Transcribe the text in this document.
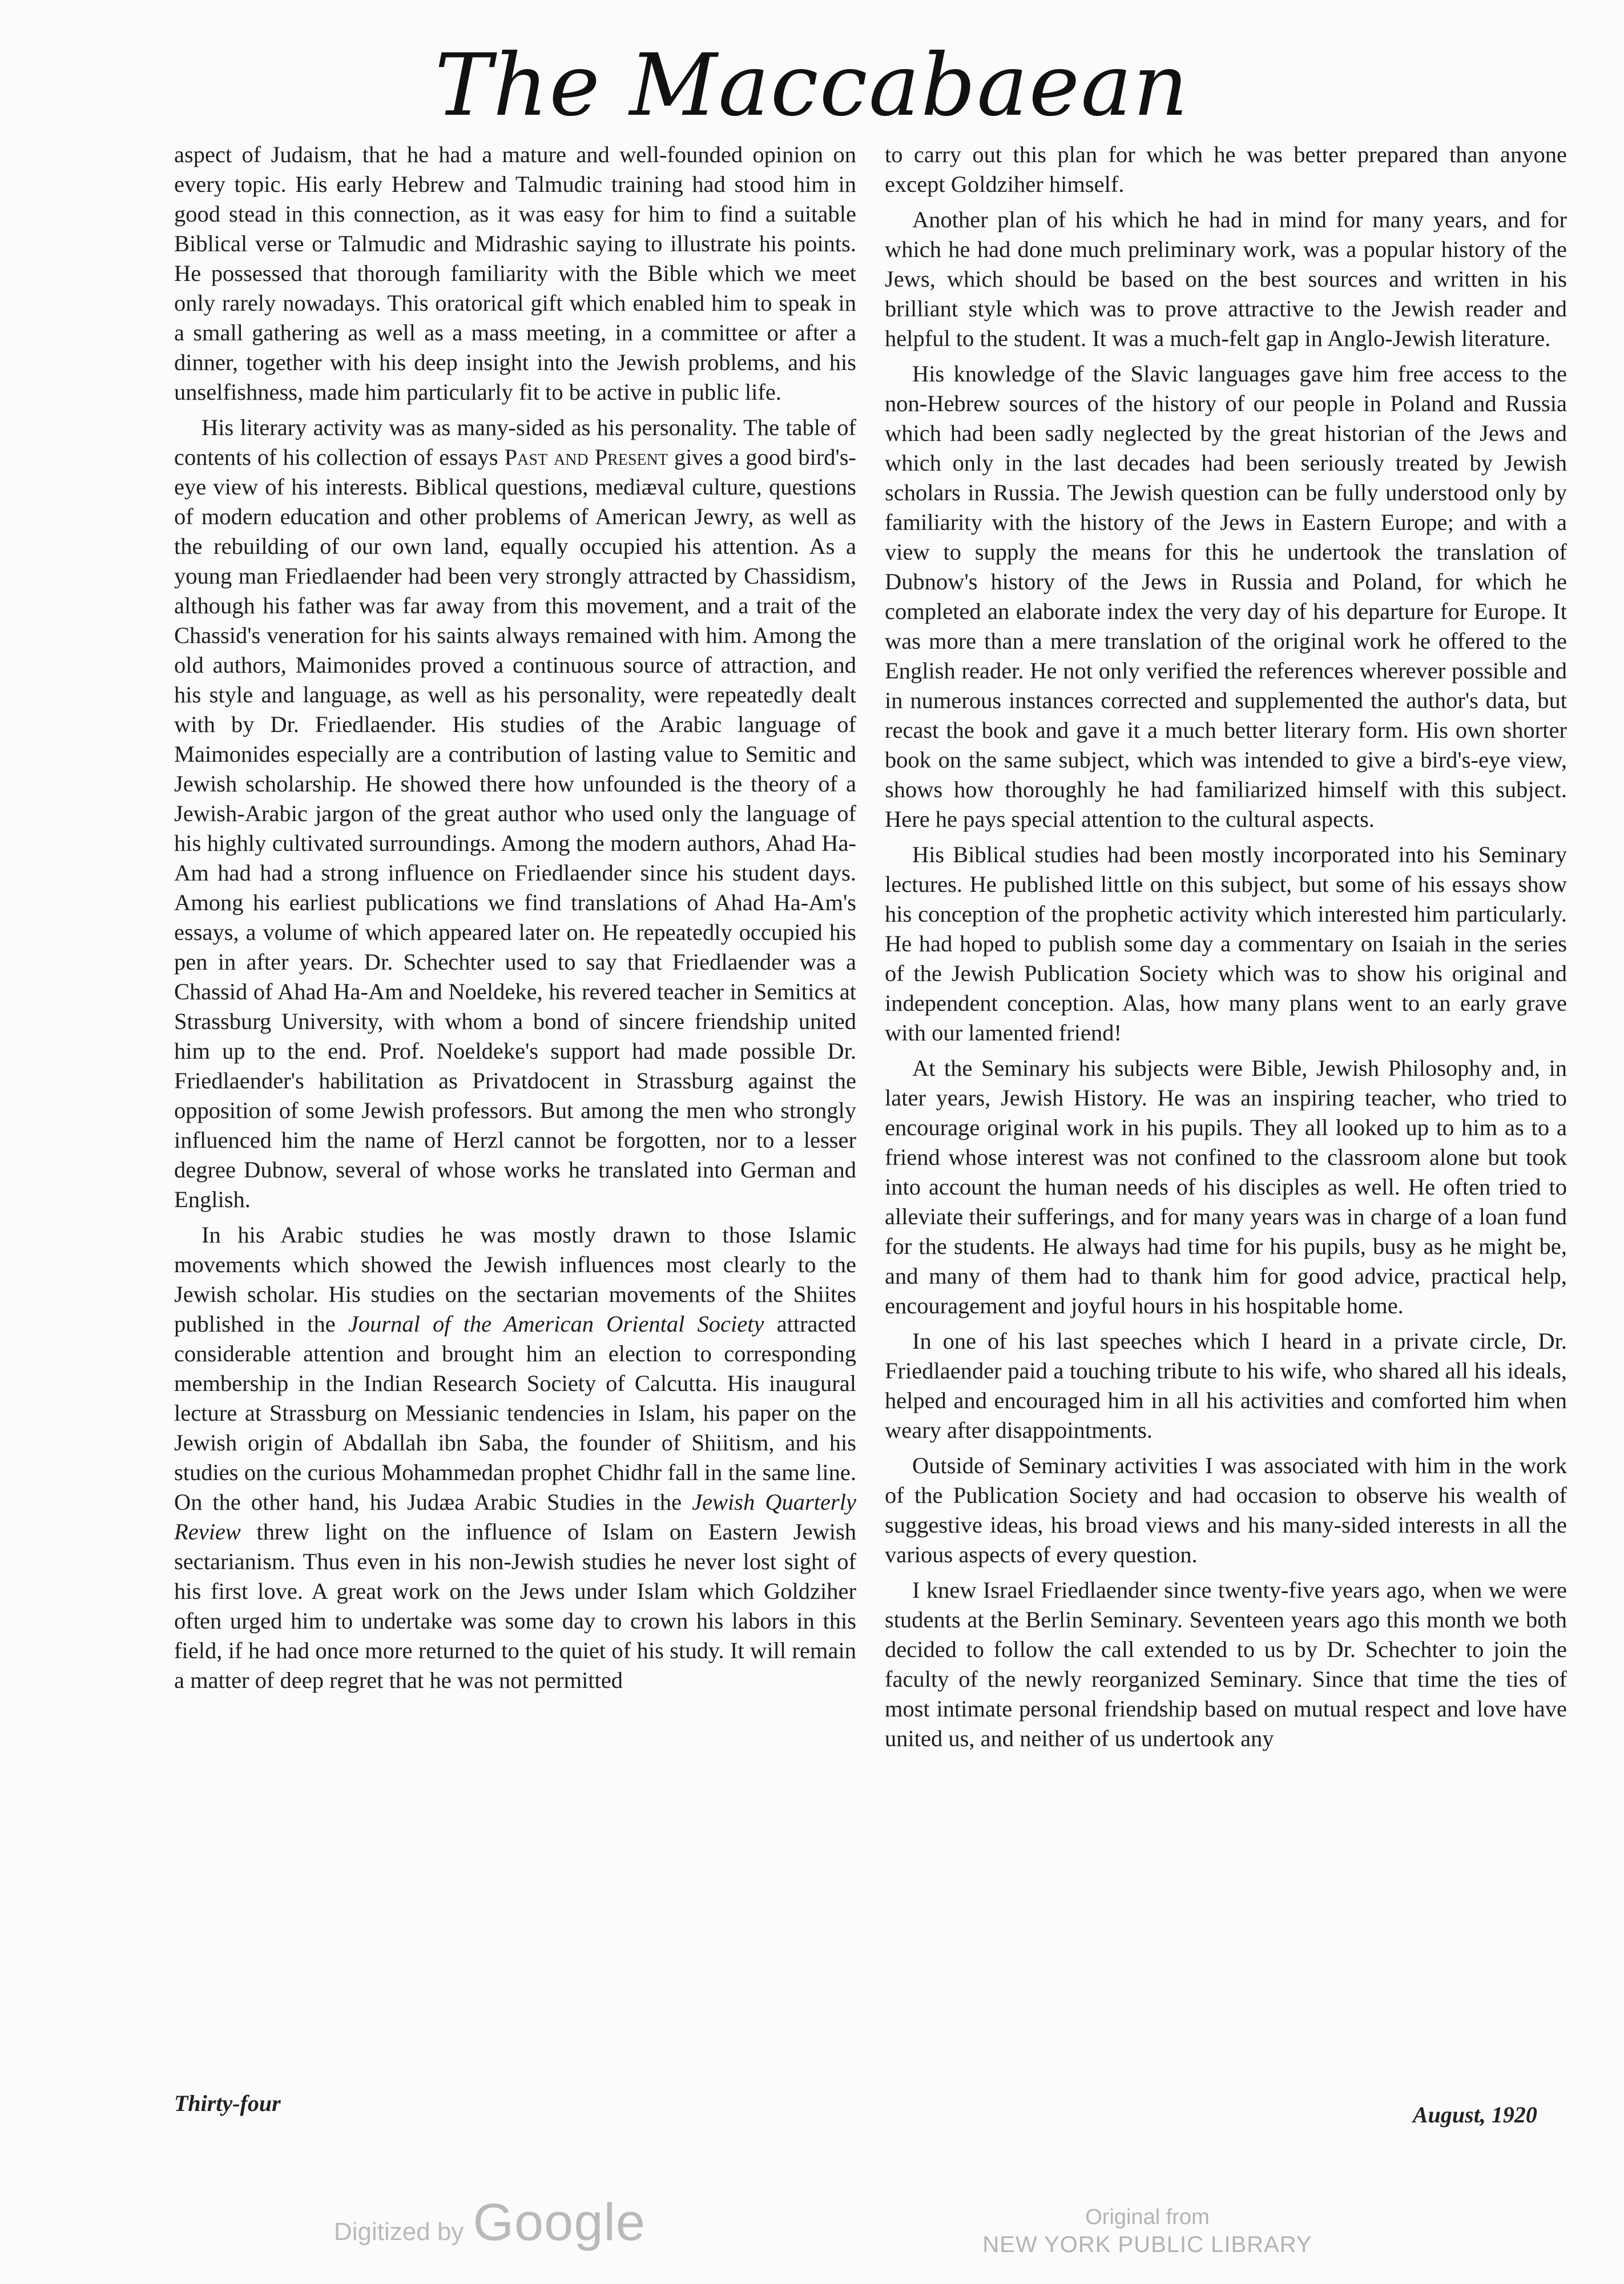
The Maccabaean

aspect of Judaism, that he had a mature and well-founded opinion on every topic. His early Hebrew and Talmudic training had stood him in good stead in this connection, as it was easy for him to find a suitable Biblical verse or Talmudic and Midrashic saying to illustrate his points. He possessed that thorough familiarity with the Bible which we meet only rarely nowadays. This oratorical gift which enabled him to speak in a small gathering as well as a mass meeting, in a committee or after a dinner, together with his deep insight into the Jewish problems, and his unselfishness, made him particularly fit to be active in public life.

His literary activity was as many-sided as his personality. The table of contents of his collection of essays Past and Present gives a good bird's-eye view of his interests. Biblical questions, mediæval culture, questions of modern education and other problems of American Jewry, as well as the rebuilding of our own land, equally occupied his attention. As a young man Friedlaender had been very strongly attracted by Chassidism, although his father was far away from this movement, and a trait of the Chassid's veneration for his saints always remained with him. Among the old authors, Maimonides proved a continuous source of attraction, and his style and language, as well as his personality, were repeatedly dealt with by Dr. Friedlaender. His studies of the Arabic language of Maimonides especially are a contribution of lasting value to Semitic and Jewish scholarship. He showed there how unfounded is the theory of a Jewish-Arabic jargon of the great author who used only the language of his highly cultivated surroundings. Among the modern authors, Ahad Ha-Am had had a strong influence on Friedlaender since his student days. Among his earliest publications we find translations of Ahad Ha-Am's essays, a volume of which appeared later on. He repeatedly occupied his pen in after years. Dr. Schechter used to say that Friedlaender was a Chassid of Ahad Ha-Am and Noeldeke, his revered teacher in Semitics at Strassburg University, with whom a bond of sincere friendship united him up to the end. Prof. Noeldeke's support had made possible Dr. Friedlaender's habilitation as Privatdocent in Strassburg against the opposition of some Jewish professors. But among the men who strongly influenced him the name of Herzl cannot be forgotten, nor to a lesser degree Dubnow, several of whose works he translated into German and English.

In his Arabic studies he was mostly drawn to those Islamic movements which showed the Jewish influences most clearly to the Jewish scholar. His studies on the sectarian movements of the Shiites published in the Journal of the American Oriental Society attracted considerable attention and brought him an election to corresponding membership in the Indian Research Society of Calcutta. His inaugural lecture at Strassburg on Messianic tendencies in Islam, his paper on the Jewish origin of Abdallah ibn Saba, the founder of Shiitism, and his studies on the curious Mohammedan prophet Chidhr fall in the same line. On the other hand, his Judæa Arabic Studies in the Jewish Quarterly Review threw light on the influence of Islam on Eastern Jewish sectarianism. Thus even in his non-Jewish studies he never lost sight of his first love. A great work on the Jews under Islam which Goldziher often urged him to undertake was some day to crown his labors in this field, if he had once more returned to the quiet of his study. It will remain a matter of deep regret that he was not permitted

to carry out this plan for which he was better prepared than anyone except Goldziher himself.

Another plan of his which he had in mind for many years, and for which he had done much preliminary work, was a popular history of the Jews, which should be based on the best sources and written in his brilliant style which was to prove attractive to the Jewish reader and helpful to the student. It was a much-felt gap in Anglo-Jewish literature.

His knowledge of the Slavic languages gave him free access to the non-Hebrew sources of the history of our people in Poland and Russia which had been sadly neglected by the great historian of the Jews and which only in the last decades had been seriously treated by Jewish scholars in Russia. The Jewish question can be fully understood only by familiarity with the history of the Jews in Eastern Europe; and with a view to supply the means for this he undertook the translation of Dubnow's history of the Jews in Russia and Poland, for which he completed an elaborate index the very day of his departure for Europe. It was more than a mere translation of the original work he offered to the English reader. He not only verified the references wherever possible and in numerous instances corrected and supplemented the author's data, but recast the book and gave it a much better literary form. His own shorter book on the same subject, which was intended to give a bird's-eye view, shows how thoroughly he had familiarized himself with this subject. Here he pays special attention to the cultural aspects.

His Biblical studies had been mostly incorporated into his Seminary lectures. He published little on this subject, but some of his essays show his conception of the prophetic activity which interested him particularly. He had hoped to publish some day a commentary on Isaiah in the series of the Jewish Publication Society which was to show his original and independent conception. Alas, how many plans went to an early grave with our lamented friend!

At the Seminary his subjects were Bible, Jewish Philosophy and, in later years, Jewish History. He was an inspiring teacher, who tried to encourage original work in his pupils. They all looked up to him as to a friend whose interest was not confined to the classroom alone but took into account the human needs of his disciples as well. He often tried to alleviate their sufferings, and for many years was in charge of a loan fund for the students. He always had time for his pupils, busy as he might be, and many of them had to thank him for good advice, practical help, encouragement and joyful hours in his hospitable home.

In one of his last speeches which I heard in a private circle, Dr. Friedlaender paid a touching tribute to his wife, who shared all his ideals, helped and encouraged him in all his activities and comforted him when weary after disappointments.

Outside of Seminary activities I was associated with him in the work of the Publication Society and had occasion to observe his wealth of suggestive ideas, his broad views and his many-sided interests in all the various aspects of every question.

I knew Israel Friedlaender since twenty-five years ago, when we were students at the Berlin Seminary. Seventeen years ago this month we both decided to follow the call extended to us by Dr. Schechter to join the faculty of the newly reorganized Seminary. Since that time the ties of most intimate personal friendship based on mutual respect and love have united us, and neither of us undertook any

Thirty-four	August, 1920
Digitized by Google	Original from
NEW YORK PUBLIC LIBRARY
